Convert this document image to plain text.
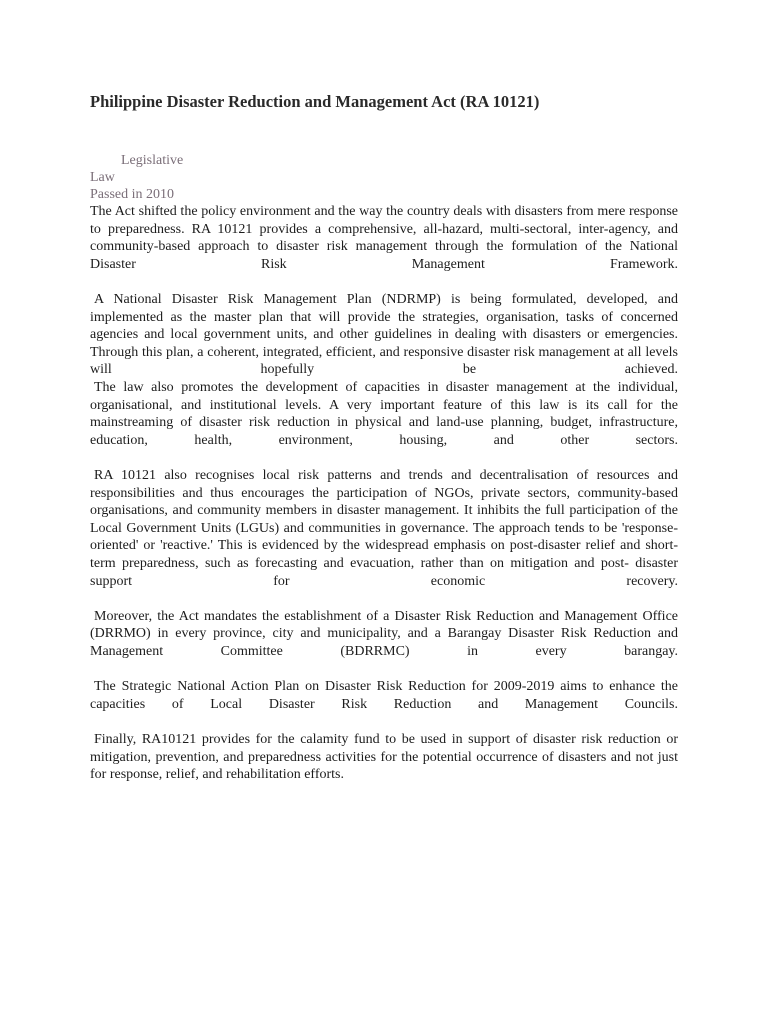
Philippine Disaster Reduction and Management Act (RA 10121)
Legislative
Law
Passed in 2010

The Act shifted the policy environment and the way the country deals with disasters from mere response to preparedness. RA 10121 provides a comprehensive, all-hazard, multi-sectoral, inter-agency, and community-based approach to disaster risk management through the formulation of the National Disaster Risk Management Framework.

A National Disaster Risk Management Plan (NDRMP) is being formulated, developed, and implemented as the master plan that will provide the strategies, organisation, tasks of concerned agencies and local government units, and other guidelines in dealing with disasters or emergencies. Through this plan, a coherent, integrated, efficient, and responsive disaster risk management at all levels will hopefully be achieved.

The law also promotes the development of capacities in disaster management at the individual, organisational, and institutional levels. A very important feature of this law is its call for the mainstreaming of disaster risk reduction in physical and land-use planning, budget, infrastructure, education, health, environment, housing, and other sectors.

RA 10121 also recognises local risk patterns and trends and decentralisation of resources and responsibilities and thus encourages the participation of NGOs, private sectors, community-based organisations, and community members in disaster management. It inhibits the full participation of the Local Government Units (LGUs) and communities in governance. The approach tends to be 'response-oriented' or 'reactive.' This is evidenced by the widespread emphasis on post-disaster relief and short-term preparedness, such as forecasting and evacuation, rather than on mitigation and post- disaster support for economic recovery.

Moreover, the Act mandates the establishment of a Disaster Risk Reduction and Management Office (DRRMO) in every province, city and municipality, and a Barangay Disaster Risk Reduction and Management Committee (BDRRMC) in every barangay.

The Strategic National Action Plan on Disaster Risk Reduction for 2009-2019 aims to enhance the capacities of Local Disaster Risk Reduction and Management Councils.

Finally, RA10121 provides for the calamity fund to be used in support of disaster risk reduction or mitigation, prevention, and preparedness activities for the potential occurrence of disasters and not just for response, relief, and rehabilitation efforts.
